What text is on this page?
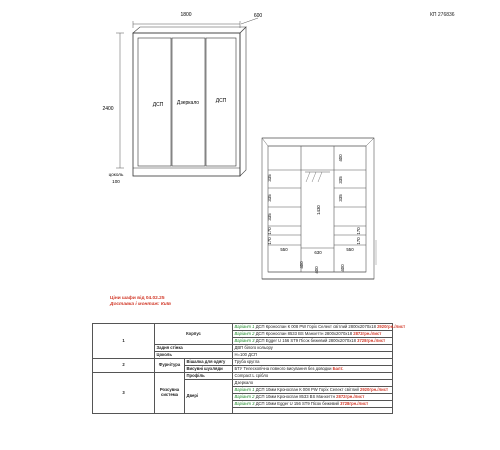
КП 276836
1800	600
2400
цоколь
100
ДСП	Дзеркало	ДСП
335
335
335
170
170
550
1430
630
400
335
335
170
170
550
400
400	400
Ціни шафи від 04.02.25
Доставка і монтаж: Київ
1	Корпус		Варіант 1 ДСП Кроноспан К 008 PW Горіх Селект світлий 2800х2070х18 2920грн./лист
			Варіант 2 ДСП Кроноспан 8533 BS Манхеттн 2800х2070х18 2872грн./лист
			Варіант 3 ДСП Egger U 156 ST9 Пісок бежевий 2800х2070х18 3728грн./лист
	Задня стінка		ДВП білого кольору
	Цоколь		Н=100 ДСП
2	Фурнітура	Вішалка для одягу	Труба кругла
		Висувні шухляди	БТУ Телескопічна повного висування без доводки Балт.
3	Розсувна система	Профіль	Compact L срібло
		Двері	Дзеркало
			Варіант 1 ДСП 10мм Кроноспан К 008 PW Горіх Селект світлий 2920грн./лист
			Варіант 2 ДСП 10мм Кроноспан 8533 BS Манхеттн 2872грн./лист
			Варіант 3 ДСП 10мм Egger U 156 ST9 Пісок бежевий 3728грн./лист
